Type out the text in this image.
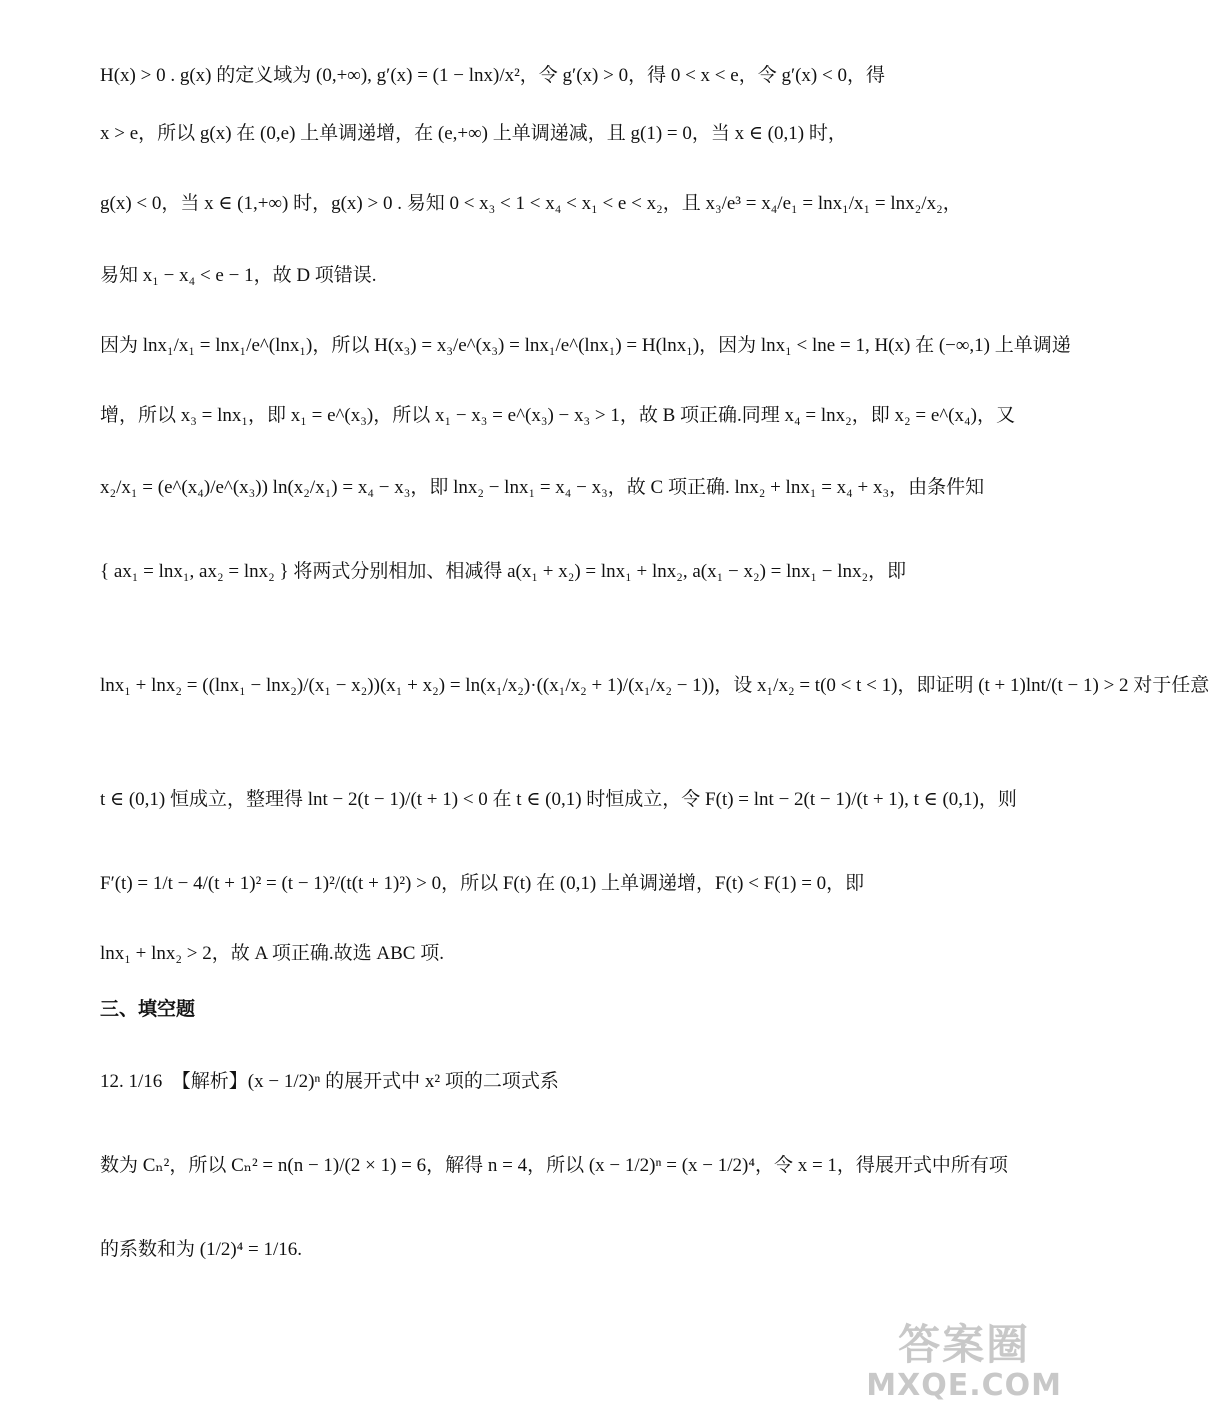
H(x) > 0 . g(x) 的定义域为 (0,+∞), g′(x) = (1 − lnx)/x²，令 g′(x) > 0，得 0 < x < e，令 g′(x) < 0，得
x > e，所以 g(x) 在 (0,e) 上单调递增，在 (e,+∞) 上单调递减，且 g(1) = 0，当 x ∈ (0,1) 时，
g(x) < 0，当 x ∈ (1,+∞) 时，g(x) > 0 . 易知 0 < x₃ < 1 < x₄ < x₁ < e < x₂，且 x₃/e³ = x₄/e₁ = lnx₁/x₁ = lnx₂/x₂，
易知 x₁ − x₄ < e − 1，故 D 项错误.
因为 lnx₁/x₁ = lnx₁/e^(lnx₁)，所以 H(x₃) = x₃/e^(x₃) = lnx₁/e^(lnx₁) = H(lnx₁)，因为 lnx₁ < lne = 1, H(x) 在 (−∞,1) 上单调递
增，所以 x₃ = lnx₁，即 x₁ = e^(x₃)，所以 x₁ − x₃ = e^(x₃) − x₃ > 1，故 B 项正确.同理 x₄ = lnx₂，即 x₂ = e^(x₄)，又
x₂/x₁ = (e^(x₄)/e^(x₃)) ln(x₂/x₁) = x₄ − x₃，即 lnx₂ − lnx₁ = x₄ − x₃，故 C 项正确. lnx₂ + lnx₁ = x₄ + x₃，由条件知
{ ax₁ = lnx₁, ax₂ = lnx₂ } 将两式分别相加、相减得 a(x₁ + x₂) = lnx₁ + lnx₂, a(x₁ − x₂) = lnx₁ − lnx₂，即
lnx₁ + lnx₂ = ((lnx₁ − lnx₂)/(x₁ − x₂))(x₁ + x₂) = ln(x₁/x₂)·((x₁/x₂ + 1)/(x₁/x₂ − 1))，设 x₁/x₂ = t(0 < t < 1)，即证明 (t + 1)lnt/(t − 1) > 2 对于任意
t ∈ (0,1) 恒成立，整理得 lnt − 2(t − 1)/(t + 1) < 0 在 t ∈ (0,1) 时恒成立，令 F(t) = lnt − 2(t − 1)/(t + 1), t ∈ (0,1)，则
F′(t) = 1/t − 4/(t + 1)² = (t − 1)²/(t(t + 1)²) > 0，所以 F(t) 在 (0,1) 上单调递增，F(t) < F(1) = 0，即
lnx₁ + lnx₂ > 2，故 A 项正确.故选 ABC 项.
三、填空题
12. 1/16　【解析】(x − 1/2)ⁿ 的展开式中 x² 项的二项式系
数为 Cₙ²，所以 Cₙ² = n(n − 1)/(2 × 1) = 6，解得 n = 4，所以 (x − 1/2)ⁿ = (x − 1/2)⁴，令 x = 1，得展开式中所有项
的系数和为 (1/2)⁴ = 1/16.
答案圈
MXQE.COM
